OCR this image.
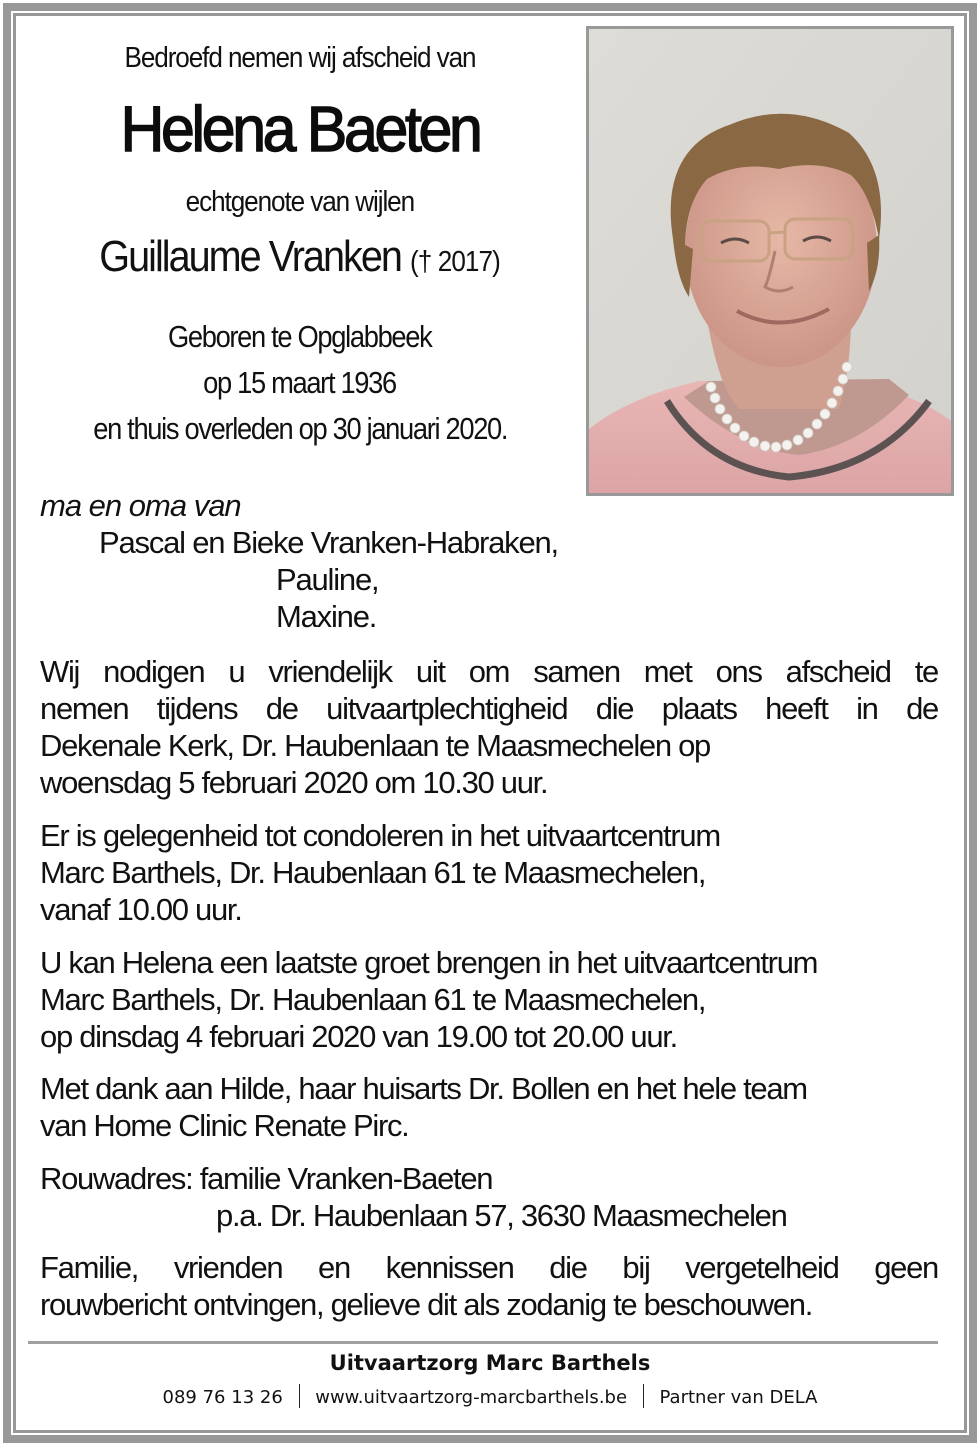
Bedroefd nemen wij afscheid van
Helena Baeten
echtgenote van wijlen
Guillaume Vranken († 2017)
Geboren te Opglabbeek
op 15 maart 1936
en thuis overleden op 30 januari 2020.
ma en oma van
Pascal en Bieke Vranken-Habraken,
Pauline,
Maxine.
Wij nodigen u vriendelijk uit om samen met ons afscheid te
nemen tijdens de uitvaartplechtigheid die plaats heeft in de
Dekenale Kerk, Dr. Haubenlaan te Maasmechelen op
woensdag 5 februari 2020 om 10.30 uur.
Er is gelegenheid tot condoleren in het uitvaartcentrum
Marc Barthels, Dr. Haubenlaan 61 te Maasmechelen,
vanaf 10.00 uur.
U kan Helena een laatste groet brengen in het uitvaartcentrum
Marc Barthels, Dr. Haubenlaan 61 te Maasmechelen,
op dinsdag 4 februari 2020 van 19.00 tot 20.00 uur.
Met dank aan Hilde, haar huisarts Dr. Bollen en het hele team
van Home Clinic Renate Pirc.
Rouwadres: familie Vranken-Baeten
p.a. Dr. Haubenlaan 57, 3630 Maasmechelen
Familie, vrienden en kennissen die bij vergetelheid geen
rouwbericht ontvingen, gelieve dit als zodanig te beschouwen.
Uitvaartzorg Marc Barthels
089 76 13 26 www.uitvaartzorg-marcbarthels.be Partner van DELA
